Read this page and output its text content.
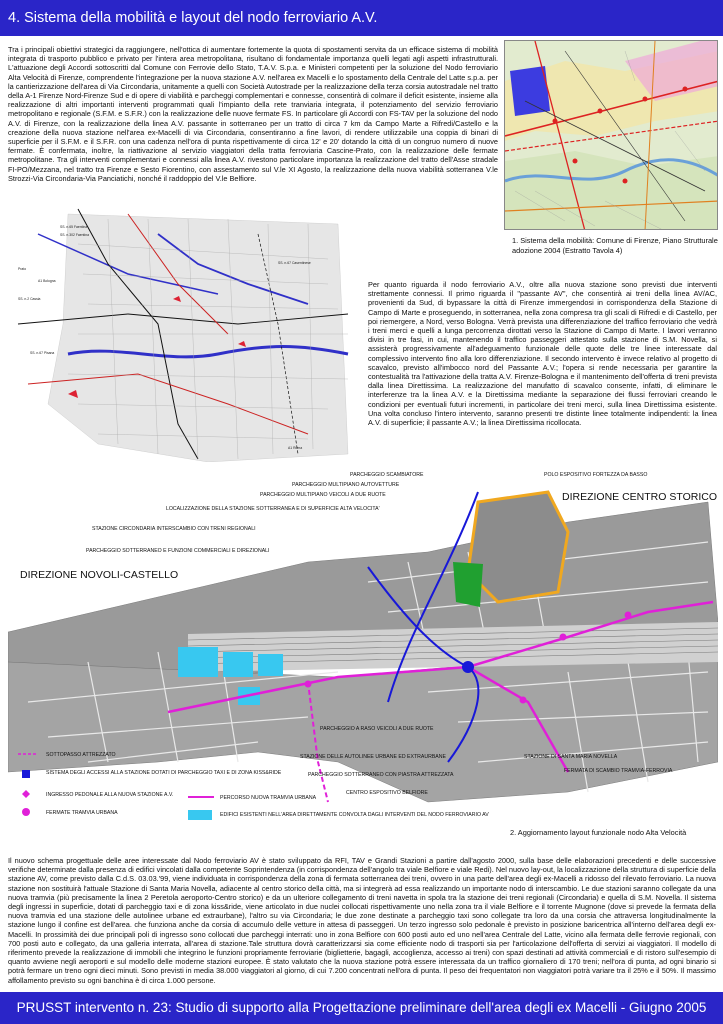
4. Sistema della mobilità e layout del nodo ferroviario A.V.

Tra i principali obiettivi strategici da raggiungere, nell'ottica di aumentare fortemente la quota di spostamenti servita da un efficace sistema di mobilità integrata di trasporto pubblico e privato per l'intera area metropolitana, risultano di fondamentale importanza quelli legati agli aspetti infrastrutturali. L'attuazione degli Accordi sottoscritti dal Comune con Ferrovie dello Stato, T.A.V. S.p.a. e Ministeri competenti per la soluzione del Nodo ferroviario Alta Velocità di Firenze, comprendente l'integrazione per la nuova stazione A.V. nell'area ex Macelli e lo spostamento della Centrale del Latte s.p.a. per la cantierizzazione dell'area di Via Circondaria, unitamente a quelli con Società Autostrade per la realizzazione della terza corsia autostradale nel tratto della A-1 Firenze Nord-Firenze Sud e di opere di viabilità e parcheggi complementari e connesse, consentirà di colmare il deficit esistente, insieme alla realizzazione di altri importanti interventi programmati quali l'impianto della rete tranviaria integrata, il potenziamento del servizio ferroviario metropolitano e regionale (S.F.M. e S.F.R.) con la realizzazione delle nuove fermate FS. In particolare gli Accordi con FS-TAV per la soluzione del nodo A.V. di Firenze, con la realizzazione della linea A.V. passante in sotterraneo per un tratto di circa 7 km da Campo Marte a Rifredi/Castello e la creazione della nuova stazione nell'area ex-Macelli di via Circondaria, consentiranno a fine lavori, di rendere utilizzabile una coppia di binari di superficie per il S.F.M. e il S.F.R. con una cadenza nell'ora di punta rispettivamente di circa 12' e 20' dotando la città di un congruo numero di nuove fermate. È confermata, inoltre, la riattivazione al servizio viaggiatori della tratta ferroviaria Cascine-Prato, con la realizzazione delle fermate metropolitane. Tra gli interventi complementari e connessi alla linea A.V. rivestono particolare importanza la realizzazione del tratto dell'Asse stradale FI-PO/Mezzana, nel tratto tra Firenze e Sesto Fiorentino, con assestamento sul V.le XI Agosto, la realizzazione della nuova viabilità sotterranea V.le Strozzi-Via Circondaria-Via Panciatichi, nonché il raddoppio del V.le Belfiore.

1. Sistema della mobilità: Comune di Firenze, Piano Strutturale adozione 2004 (Estratto Tavola 4)

SS. n.65 Faentina
SS. n.302 Faentina
SS. n.67 Casentinese
SS. n.67 Pisana
SS. n.2 Cassia
Prato
A1 Bologna
A1 Roma

Per quanto riguarda il nodo ferroviario A.V., oltre alla nuova stazione sono previsti due interventi strettamente connessi. Il primo riguarda il "passante AV", che consentirà ai treni della linea AV/AC, provenienti da Sud, di bypassare la città di Firenze immergendosi in corrispondenza della Stazione di Campo di Marte e proseguendo, in sotterranea, nella zona compresa tra gli scali di Rifredi e di Castello, per poi riemergere, a Nord, verso Bologna. Verrà prevista una differenziazione del traffico ferroviario che vedrà i treni merci e quelli a lunga percorrenza dirottati verso la Stazione di Campo di Marte. I lavori verranno divisi in tre fasi, in cui, mantenendo il traffico passeggeri attestato sulla stazione di S.M. Novella, si assisterà progressivamente all'adeguamento funzionale delle quote delle tre linee interessate dal complessivo intervento fino alla loro differenziazione. Il secondo intervento è invece relativo al progetto di scavalco, previsto all'imbocco nord del Passante A.V.; l'opera si rende necessaria per garantire la contestualità tra l'attivazione della tratta A.V. Firenze-Bologna e il mantenimento dell'offerta di treni prevista dalla linea Direttissima. La realizzazione del manufatto di scavalco consente, infatti, di eliminare le interferenze tra la linea A.V. e la Direttissima mediante la separazione dei flussi ferroviari creando le condizioni per eventuali futuri incrementi, in particolare dei treni merci, sulla linea Direttissima esistente. Una volta concluso l'intero intervento, saranno presenti tre distinte linee totalmente indipendenti: la linea A.V. di superficie; il passante A.V.; la linea Direttissima ricollocata.

PARCHEGGIO SCAMBIATORE
PARCHEGGIO MULTIPIANO AUTOVETTURE
POLO ESPOSITIVO FORTEZZA DA BASSO
PARCHEGGIO MULTIPIANO VEICOLI A DUE RUOTE
LOCALIZZAZIONE DELLA STAZIONE SOTTERRANEA E DI SUPERFICIE ALTA VELOCITA'
STAZIONE CIRCONDARIA INTERSCAMBIO CON TRENI REGIONALI
PARCHEGGIO SOTTERRANEO E FUNZIONI COMMERCIALI E DIREZIONALI
DIREZIONE CENTRO STORICO
DIREZIONE NOVOLI-CASTELLO
PARCHEGGIO A RASO VEICOLI A DUE RUOTE
STAZIONE DELLE AUTOLINEE URBANE ED EXTRAURBANE
PARCHEGGIO SOTTERRANEO CON PIASTRA ATTREZZATA
CENTRO ESPOSITIVO BELFIORE
STAZIONE DI SANTA MARIA NOVELLA
FERMATA DI SCAMBIO TRAMVIA-FERROVIA
SOTTOPASSO ATTREZZATO
SISTEMA DEGLI ACCESSI ALLA STAZIONE DOTATI DI PARCHEGGIO TAXI E DI ZONA KISS&RIDE
INGRESSO PEDONALE ALLA NUOVA STAZIONE A.V.
FERMATE TRAMVIA URBANA
PERCORSO NUOVA TRAMVIA URBANA
EDIFICI ESISTENTI NELL'AREA DIRETTAMENTE CONVOLTA DAGLI INTERVENTI DEL NODO FERROVIARIO AV

2. Aggiornamento layout funzionale nodo Alta Velocità

Il nuovo schema progettuale delle aree interessate dal Nodo ferroviario AV è stato sviluppato da RFI, TAV e Grandi Stazioni a partire dall'agosto 2000, sulla base delle elaborazioni precedenti e delle successive verifiche determinate dalla presenza di edifici vincolati dalla competente Soprintendenza (in corrispondenza dell'angolo tra viale Belfiore e viale Redi). Nel nuovo lay-out, la localizzazione della struttura di superficie della stazione AV, come previsto dalla C.d.S. 03.03.'99, viene individuata in corrispondenza della zona di fermata sotterranea dei treni, ovvero in una parte dell'area degli ex-Macelli a ridosso del rilevato ferroviario. La nuova stazione non sostituirà l'attuale Stazione di Santa Maria Novella, adiacente al centro storico della città, ma si integrerà ad essa realizzando un importante nodo di interscambio. Le due stazioni saranno collegate da una nuova tramvia (più precisamente la linea 2 Peretola aeroporto-Centro storico) e da un ulteriore collegamento di treni navetta in spola tra la stazione dei treni regionali (Circondaria) e quella di S.M. Novella. Il sistema degli ingressi in superficie, dotati di parcheggio taxi e di zona kiss&ride, viene articolato in due nuclei collocati rispettivamente uno nella zona tra il viale Belfiore e il torrente Mugnone (dove si prevede la fermata della nuova tramvia ed una stazione delle autolinee urbane ed extraurbane), l'altro su via Circondaria; le due zone destinate a parcheggio taxi sono collegate tra loro da una corsia che attraversa longitudinalmente la stazione lungo il confine est dell'area. che funziona anche da corsia di accumulo delle vetture in attesa di passeggeri. Un terzo ingresso solo pedonale è previsto in posizione baricentrica all'interno dell'area degli ex-Macelli. In prossimità dei due principali poli di ingresso sono collocati due parcheggi interrati: uno in zona Belfiore con 600 posti auto ed uno nell'area Centrale del Latte, vicino alla fermata delle ferrovie regionali, con 700 posti auto e collegato, da una galleria interrata, all'area di stazione.Tale struttura dovrà caratterizzarsi sia come efficiente nodo di trasporti sia per l'articolazione dell'offerta di servizi ai viaggiatori. Il modello di riferimento prevede la realizzazione di immobili che integrino le funzioni propriamente ferroviarie (biglietterie, bagagli, accoglienza, accesso ai treni) con spazi destinati ad attività commerciali e di ristoro sull'esempio di quanto avviene negli aeroporti e sul modello delle moderne stazioni europee. È stato valutato che la nuova stazione potrà essere interessata da un traffico giornaliero di 170 treni; nell'ora di punta, ad ogni binario si potrà fermare un treno ogni dieci minuti. Sono previsti in media 38.000 viaggiatori al giorno, di cui 7.200 concentrati nell'ora di punta. Il peso dei frequentatori non viaggiatori potrà variare tra il 25% e il 50%. Il massimo affollamento previsto su ogni banchina è di circa 1.000 persone.

PRUSST intervento n. 23: Studio di supporto alla Progettazione preliminare dell'area degli ex Macelli - Giugno 2005
